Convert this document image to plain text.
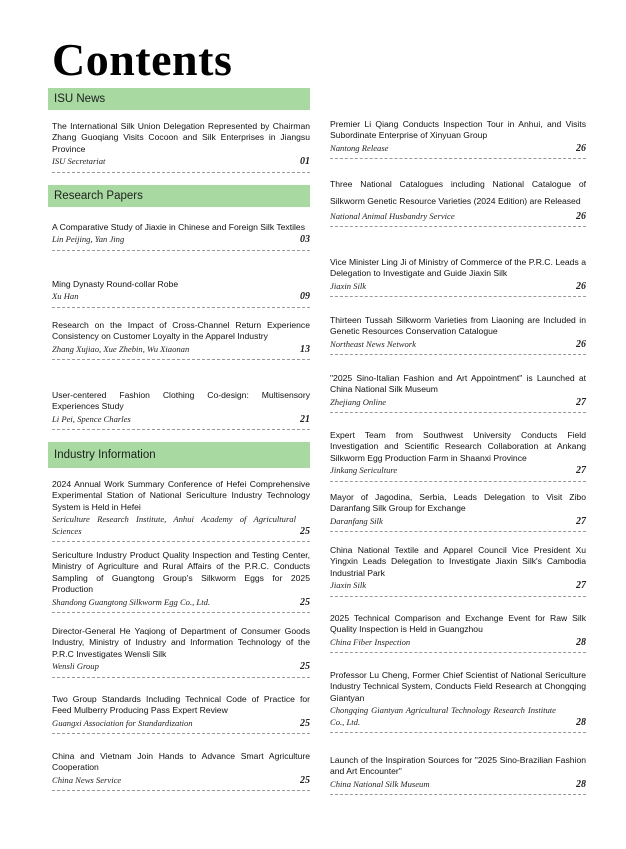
Contents
ISU News
The International Silk Union Delegation Represented by Chairman Zhang Guoqiang Visits Cocoon and Silk Enterprises in Jiangsu Province
ISU Secretariat	01
Research Papers
A Comparative Study of Jiaxie in Chinese and Foreign Silk Textiles
Lin Peijing, Yan Jing	03
Ming Dynasty Round-collar Robe
Xu Han	09
Research on the Impact of Cross-Channel Return Experience Consistency on Customer Loyalty in the Apparel Industry
Zhang Xujiao, Xue Zhebin, Wu Xiaonan	13
User-centered Fashion Clothing Co-design: Multisensory Experiences Study
Li Pei, Spence Charles	21
Industry Information
2024 Annual Work Summary Conference of Hefei Comprehensive Experimental Station of National Sericulture Industry Technology System is Held in Hefei
Sericulture Research Institute, Anhui Academy of Agricultural Sciences	25
Sericulture Industry Product Quality Inspection and Testing Center, Ministry of Agriculture and Rural Affairs of the P.R.C. Conducts Sampling of Guangtong Group's Silkworm Eggs for 2025 Production
Shandong Guangtong Silkworm Egg Co., Ltd.	25
Director-General He Yaqiong of Department of Consumer Goods Industry, Ministry of Industry and Information Technology of the P.R.C Investigates Wensli Silk
Wensli Group	25
Two Group Standards Including Technical Code of Practice for Feed Mulberry Producing Pass Expert Review
Guangxi Association for Standardization	25
China and Vietnam Join Hands to Advance Smart Agriculture Cooperation
China News Service	25
Premier Li Qiang Conducts Inspection Tour in Anhui, and Visits Subordinate Enterprise of Xinyuan Group
Nantong Release	26
Three National Catalogues including National Catalogue of Silkworm Genetic Resource Varieties (2024 Edition) are Released
National Animal Husbandry Service	26
Vice Minister Ling Ji of Ministry of Commerce of the P.R.C. Leads a Delegation to Investigate and Guide Jiaxin Silk
Jiaxin Silk	26
Thirteen Tussah Silkworm Varieties from Liaoning are Included in Genetic Resources Conservation Catalogue
Northeast News Network	26
"2025 Sino-Italian Fashion and Art Appointment" is Launched at China National Silk Museum
Zhejiang Online	27
Expert Team from Southwest University Conducts Field Investigation and Scientific Research Collaboration at Ankang Silkworm Egg Production Farm in Shaanxi Province
Jinkang Sericulture	27
Mayor of Jagodina, Serbia, Leads Delegation to Visit Zibo Daranfang Silk Group for Exchange
Daranfang Silk	27
China National Textile and Apparel Council Vice President Xu Yingxin Leads Delegation to Investigate Jiaxin Silk's Cambodia Industrial Park
Jiaxin Silk	27
2025 Technical Comparison and Exchange Event for Raw Silk Quality Inspection is Held in Guangzhou
China Fiber Inspection	28
Professor Lu Cheng, Former Chief Scientist of National Sericulture Industry Technical System, Conducts Field Research at Chongqing Giantyan
Chongqing Giantyan Agricultural Technology Research Institute Co., Ltd.	28
Launch of the Inspiration Sources for "2025 Sino-Brazilian Fashion and Art Encounter"
China National Silk Museum	28
